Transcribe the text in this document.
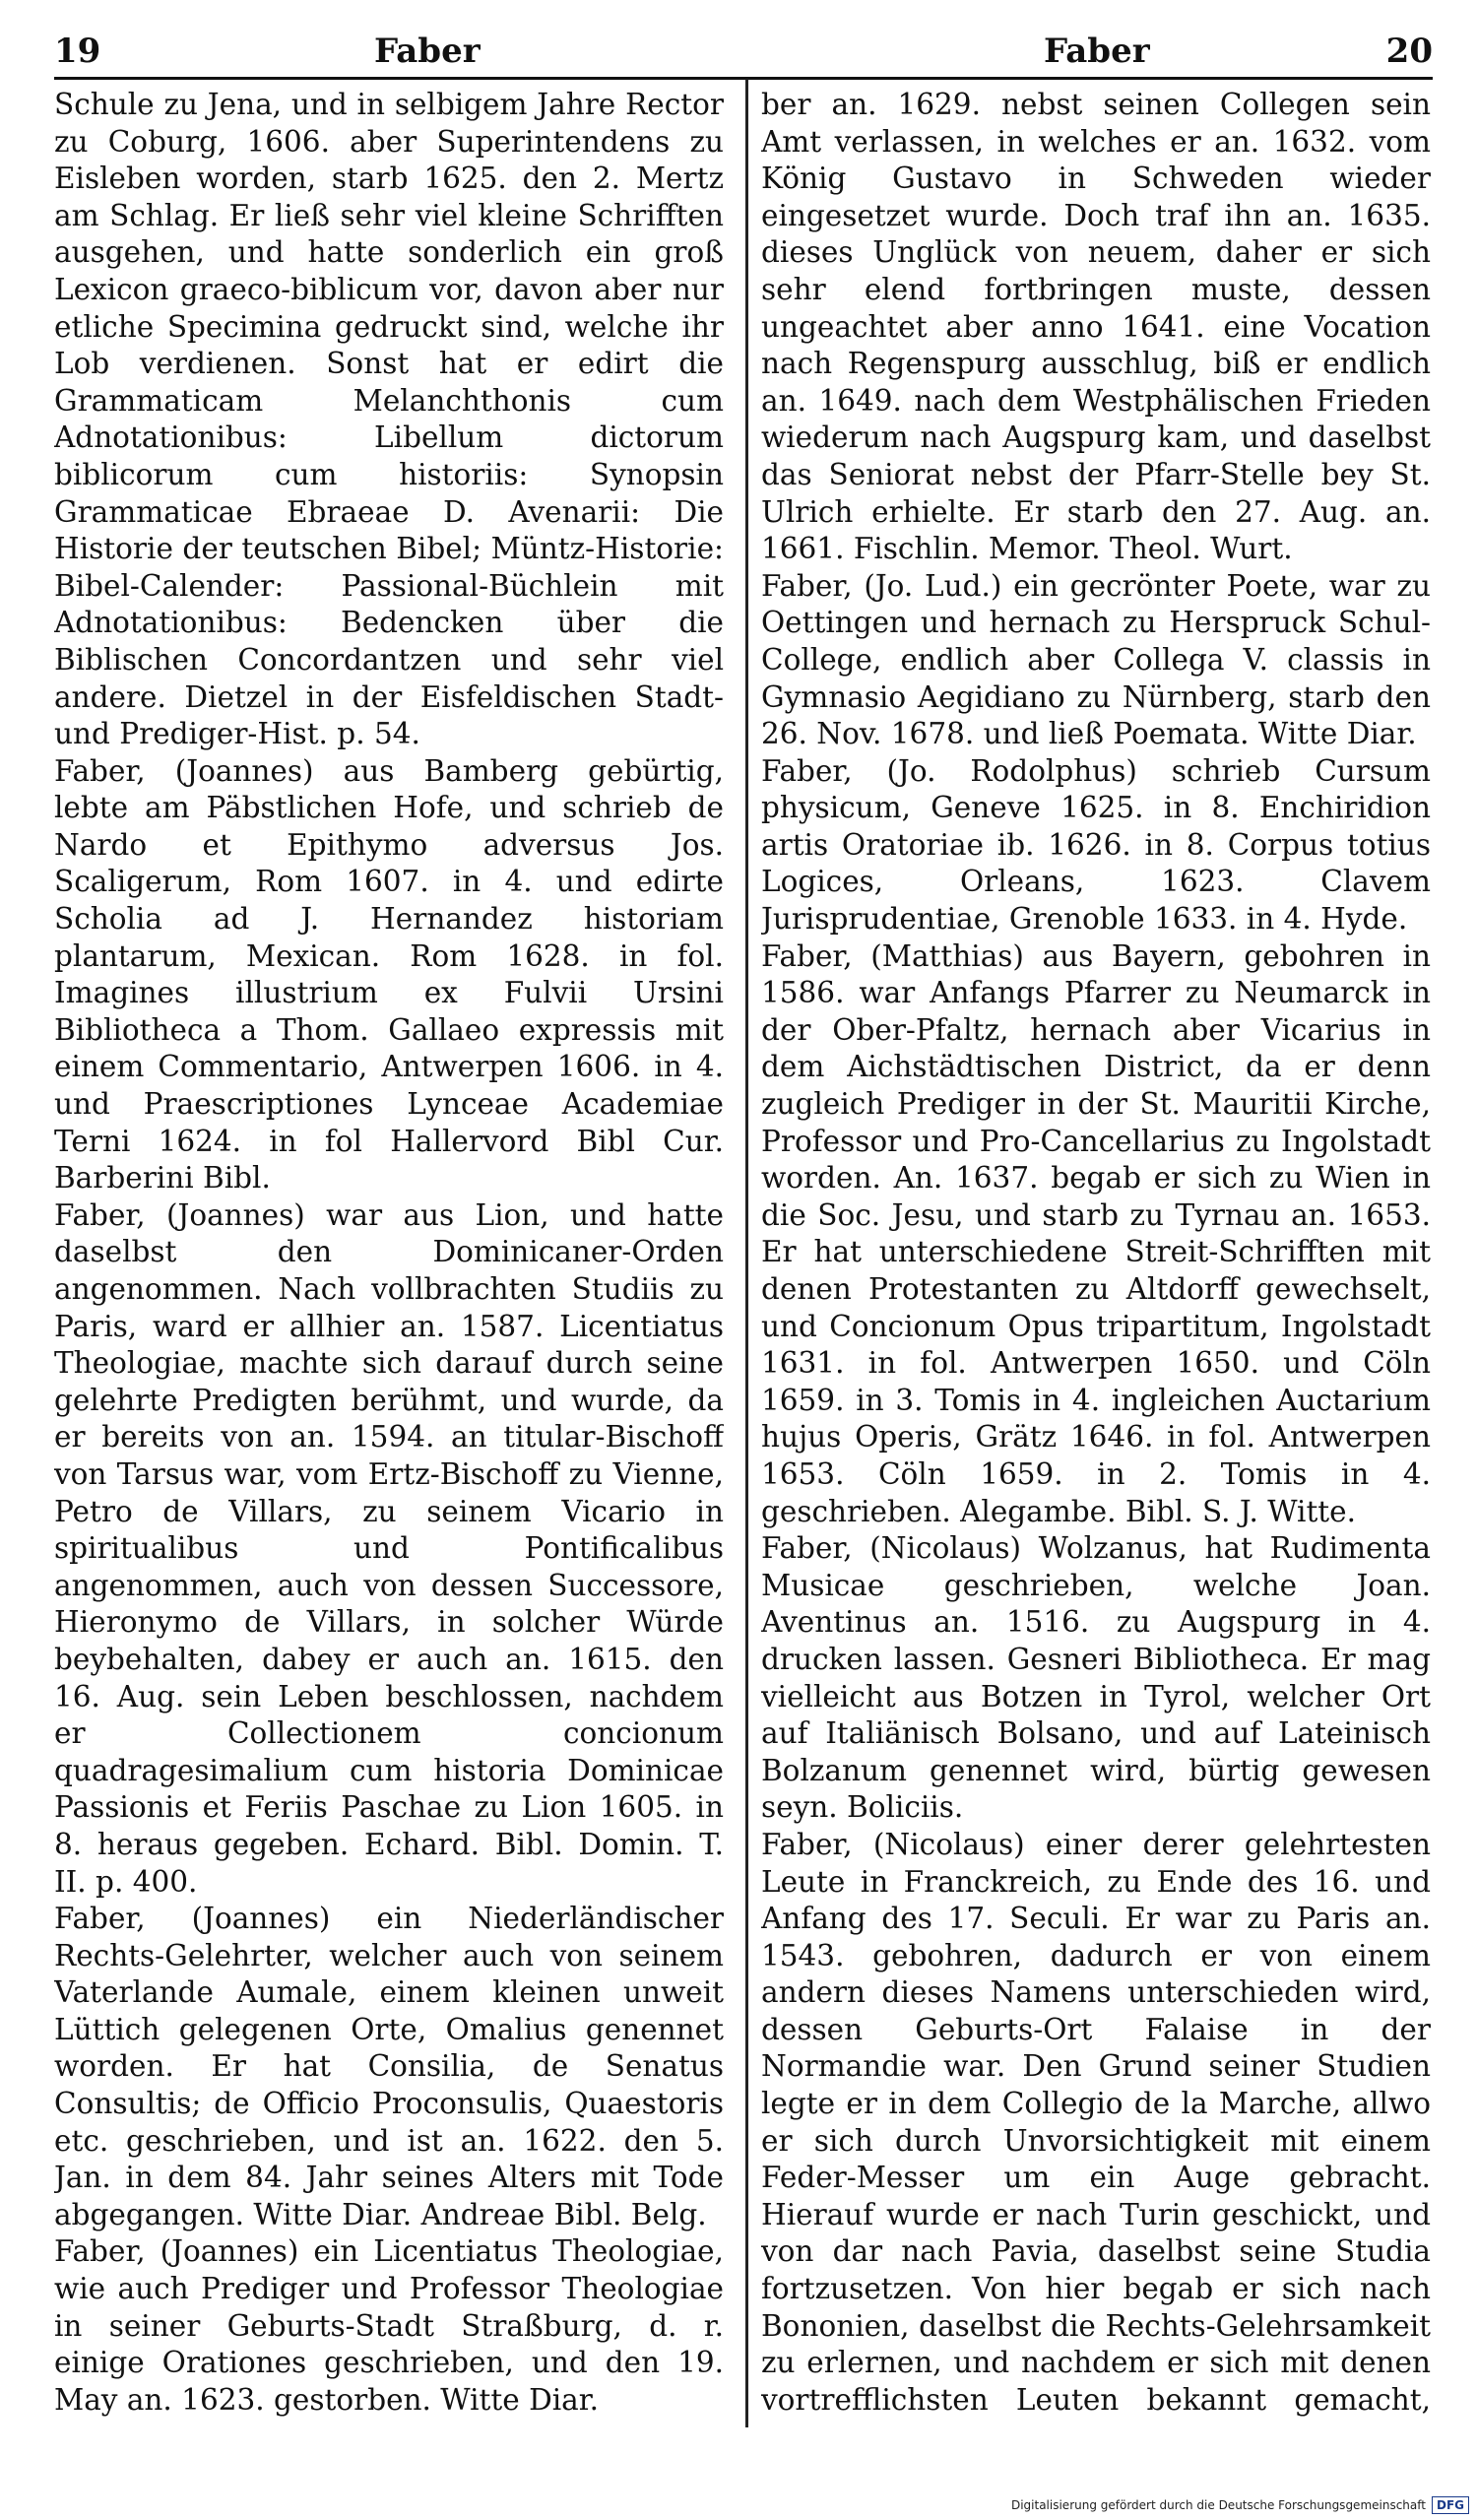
19	Faber	Faber	20

Schule zu Jena, und in selbigem Jahre Rector zu Coburg, 1606. aber Superintendens zu Eisleben worden, starb 1625. den 2. Mertz am Schlag. Er ließ sehr viel kleine Schrifften ausgehen, und hatte sonderlich ein groß Lexicon graeco-biblicum vor, davon aber nur etliche Specimina gedruckt sind, welche ihr Lob verdienen. Sonst hat er edirt die Grammaticam Melanchthonis cum Adnotationibus: Libellum dictorum biblicorum cum historiis: Synopsin Grammaticae Ebraeae D. Avenarii: Die Historie der teutschen Bibel; Müntz-Historie: Bibel-Calender: Passional-Büchlein mit Adnotationibus: Bedencken über die Biblischen Concordantzen und sehr viel andere. Dietzel in der Eisfeldischen Stadt- und Prediger-Hist. p. 54.

Faber, (Joannes) aus Bamberg gebürtig, lebte am Päbstlichen Hofe, und schrieb de Nardo et Epithymo adversus Jos. Scaligerum, Rom 1607. in 4. und edirte Scholia ad J. Hernandez historiam plantarum, Mexican. Rom 1628. in fol. Imagines illustrium ex Fulvii Ursini Bibliotheca a Thom. Gallaeo expressis mit einem Commentario, Antwerpen 1606. in 4. und Praescriptiones Lynceae Academiae Terni 1624. in fol Hallervord Bibl Cur. Barberini Bibl.

Faber, (Joannes) war aus Lion, und hatte daselbst den Dominicaner-Orden angenommen. Nach vollbrachten Studiis zu Paris, ward er allhier an. 1587. Licentiatus Theologiae, machte sich darauf durch seine gelehrte Predigten berühmt, und wurde, da er bereits von an. 1594. an titular-Bischoff von Tarsus war, vom Ertz-Bischoff zu Vienne, Petro de Villars, zu seinem Vicario in spiritualibus und Pontificalibus angenommen, auch von dessen Successore, Hieronymo de Villars, in solcher Würde beybehalten, dabey er auch an. 1615. den 16. Aug. sein Leben beschlossen, nachdem er Collectionem concionum quadragesimalium cum historia Dominicae Passionis et Feriis Paschae zu Lion 1605. in 8. heraus gegeben. Echard. Bibl. Domin. T. II. p. 400.

Faber, (Joannes) ein Niederländischer Rechts-Gelehrter, welcher auch von seinem Vaterlande Aumale, einem kleinen unweit Lüttich gelegenen Orte, Omalius genennet worden. Er hat Consilia, de Senatus Consultis; de Officio Proconsulis, Quaestoris etc. geschrieben, und ist an. 1622. den 5. Jan. in dem 84. Jahr seines Alters mit Tode abgegangen. Witte Diar. Andreae Bibl. Belg.

Faber, (Joannes) ein Licentiatus Theologiae, wie auch Prediger und Professor Theologiae in seiner Geburts-Stadt Straßburg, d. r. einige Orationes geschrieben, und den 19. May an. 1623. gestorben. Witte Diar.

ber an. 1629. nebst seinen Collegen sein Amt verlassen, in welches er an. 1632. vom König Gustavo in Schweden wieder eingesetzet wurde. Doch traf ihn an. 1635. dieses Unglück von neuem, daher er sich sehr elend fortbringen muste, dessen ungeachtet aber anno 1641. eine Vocation nach Regenspurg ausschlug, biß er endlich an. 1649. nach dem Westphälischen Frieden wiederum nach Augspurg kam, und daselbst das Seniorat nebst der Pfarr-Stelle bey St. Ulrich erhielte. Er starb den 27. Aug. an. 1661. Fischlin. Memor. Theol. Wurt.

Faber, (Jo. Lud.) ein gecrönter Poete, war zu Oettingen und hernach zu Herspruck Schul-College, endlich aber Collega V. classis in Gymnasio Aegidiano zu Nürnberg, starb den 26. Nov. 1678. und ließ Poemata. Witte Diar.

Faber, (Jo. Rodolphus) schrieb Cursum physicum, Geneve 1625. in 8. Enchiridion artis Oratoriae ib. 1626. in 8. Corpus totius Logices, Orleans, 1623. Clavem Jurisprudentiae, Grenoble 1633. in 4. Hyde.

Faber, (Matthias) aus Bayern, gebohren in 1586. war Anfangs Pfarrer zu Neumarck in der Ober-Pfaltz, hernach aber Vicarius in dem Aichstädtischen District, da er denn zugleich Prediger in der St. Mauritii Kirche, Professor und Pro-Cancellarius zu Ingolstadt worden. An. 1637. begab er sich zu Wien in die Soc. Jesu, und starb zu Tyrnau an. 1653. Er hat unterschiedene Streit-Schrifften mit denen Protestanten zu Altdorff gewechselt, und Concionum Opus tripartitum, Ingolstadt 1631. in fol. Antwerpen 1650. und Cöln 1659. in 3. Tomis in 4. ingleichen Auctarium hujus Operis, Grätz 1646. in fol. Antwerpen 1653. Cöln 1659. in 2. Tomis in 4. geschrieben. Alegambe. Bibl. S. J. Witte.

Faber, (Nicolaus) Wolzanus, hat Rudimenta Musicae geschrieben, welche Joan. Aventinus an. 1516. zu Augspurg in 4. drucken lassen. Gesneri Bibliotheca. Er mag vielleicht aus Botzen in Tyrol, welcher Ort auf Italiänisch Bolsano, und auf Lateinisch Bolzanum genennet wird, bürtig gewesen seyn. Boliciis.

Faber, (Nicolaus) einer derer gelehrtesten Leute in Franckreich, zu Ende des 16. und Anfang des 17. Seculi. Er war zu Paris an. 1543. gebohren, dadurch er von einem andern dieses Namens unterschieden wird, dessen Geburts-Ort Falaise in der Normandie war. Den Grund seiner Studien legte er in dem Collegio de la Marche, allwo er sich durch Unvorsichtigkeit mit einem Feder-Messer um ein Auge gebracht. Hierauf wurde er nach Turin geschickt, und von dar nach Pavia, daselbst seine Studia fortzusetzen. Von hier begab er sich nach Bononien, daselbst die Rechts-Gelehrsamkeit zu erlernen, und nachdem er sich mit denen vortrefflichsten Leuten bekannt gemacht,

Digitalisierung gefördert durch die Deutsche Forschungsgemeinschaft DFG
